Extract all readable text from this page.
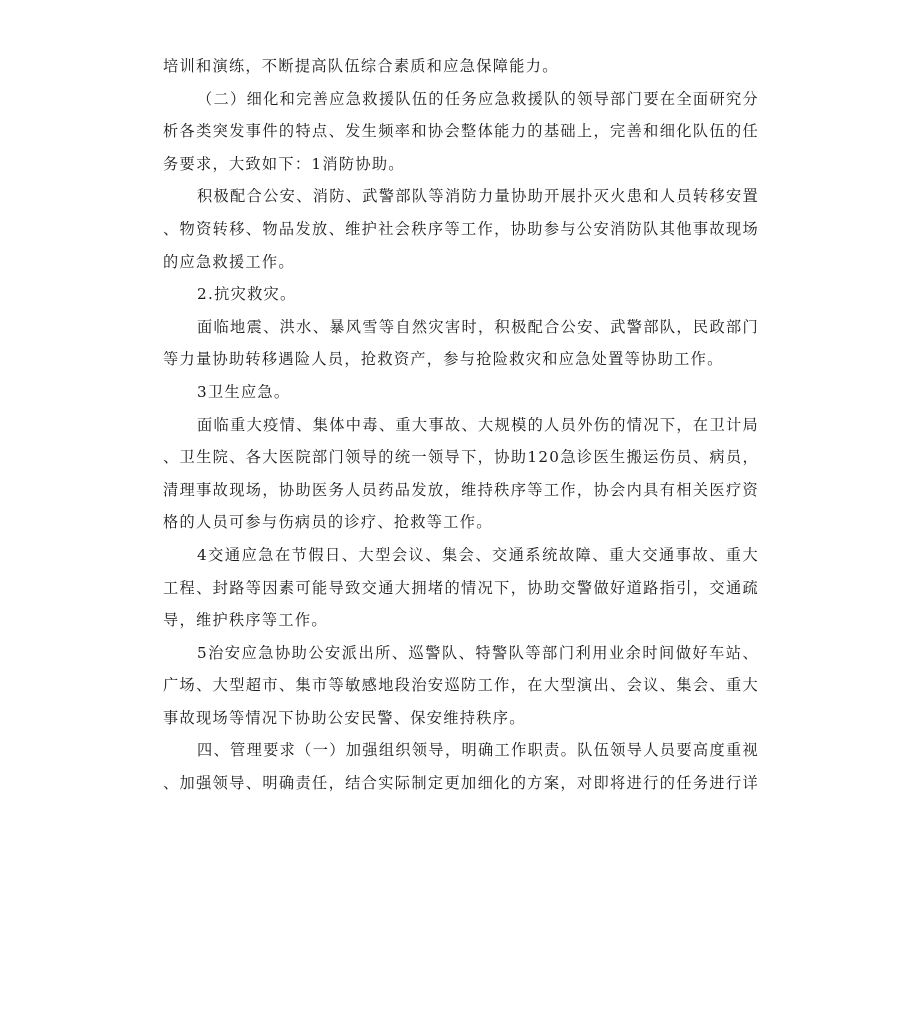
培训和演练，不断提高队伍综合素质和应急保障能力。
（二）细化和完善应急救援队伍的任务应急救援队的领导部门要在全面研究分
析各类突发事件的特点、发生频率和协会整体能力的基础上，完善和细化队伍的任
务要求，大致如下：1消防协助。
积极配合公安、消防、武警部队等消防力量协助开展扑灭火患和人员转移安置
、物资转移、物品发放、维护社会秩序等工作，协助参与公安消防队其他事故现场
的应急救援工作。
2.抗灾救灾。
面临地震、洪水、暴风雪等自然灾害时，积极配合公安、武警部队，民政部门
等力量协助转移遇险人员，抢救资产，参与抢险救灾和应急处置等协助工作。
3卫生应急。
面临重大疫情、集体中毒、重大事故、大规模的人员外伤的情况下，在卫计局
、卫生院、各大医院部门领导的统一领导下，协助120急诊医生搬运伤员、病员，
清理事故现场，协助医务人员药品发放，维持秩序等工作，协会内具有相关医疗资
格的人员可参与伤病员的诊疗、抢救等工作。
4交通应急在节假日、大型会议、集会、交通系统故障、重大交通事故、重大
工程、封路等因素可能导致交通大拥堵的情况下，协助交警做好道路指引，交通疏
导，维护秩序等工作。
5治安应急协助公安派出所、巡警队、特警队等部门利用业余时间做好车站、
广场、大型超市、集市等敏感地段治安巡防工作，在大型演出、会议、集会、重大
事故现场等情况下协助公安民警、保安维持秩序。
四、管理要求（一）加强组织领导，明确工作职责。队伍领导人员要高度重视
、加强领导、明确责任，结合实际制定更加细化的方案，对即将进行的任务进行详
